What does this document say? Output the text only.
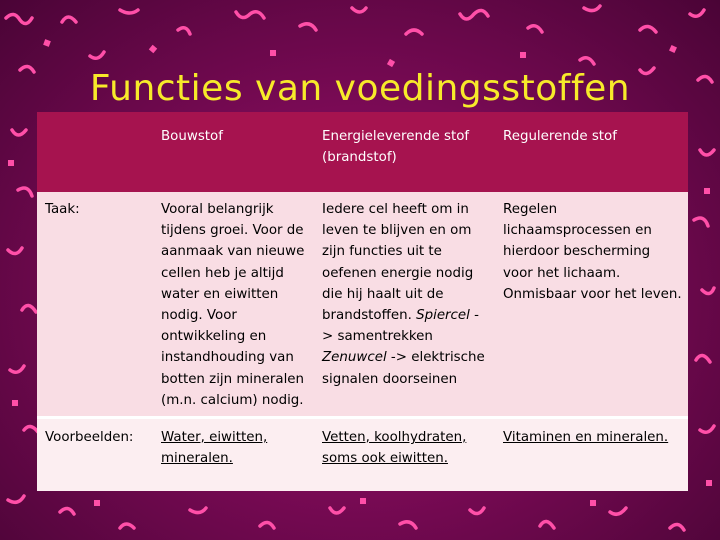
Functies van voedingsstoffen
	Bouwstof	Energieleverende stof (brandstof)	Regulerende stof
Taak:	Vooral belangrijk tijdens groei. Voor de aanmaak van nieuwe cellen heb je altijd water en eiwitten nodig. Voor ontwikkeling en instandhouding van botten zijn mineralen (m.n. calcium) nodig.	Iedere cel heeft om in leven te blijven en om zijn functies uit te oefenen energie nodig die hij haalt uit de brandstoffen. Spiercel -> samentrekken Zenuwcel -> elektrische signalen doorseinen	Regelen lichaamsprocessen en hierdoor bescherming voor het lichaam. Onmisbaar voor het leven.
Voorbeelden:	Water, eiwitten, mineralen.	Vetten, koolhydraten, soms ook eiwitten.	Vitaminen en mineralen.
